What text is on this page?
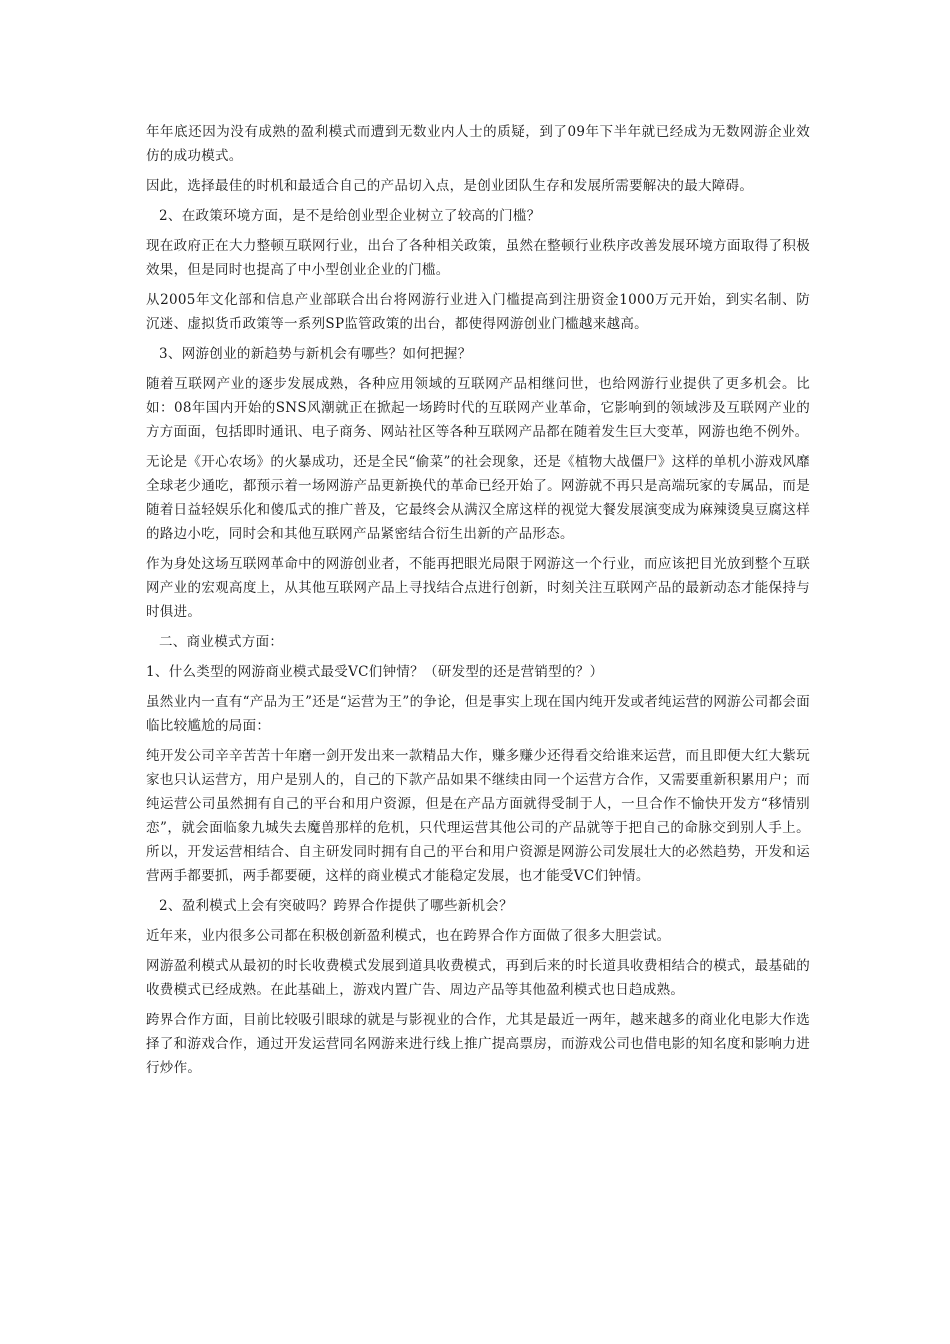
年年底还因为没有成熟的盈利模式而遭到无数业内人士的质疑，到了09年下半年就已经成为无数网游企业效仿的成功模式。

因此，选择最佳的时机和最适合自己的产品切入点，是创业团队生存和发展所需要解决的最大障碍。

2、在政策环境方面，是不是给创业型企业树立了较高的门槛？

现在政府正在大力整顿互联网行业，出台了各种相关政策，虽然在整顿行业秩序改善发展环境方面取得了积极效果，但是同时也提高了中小型创业企业的门槛。

从2005年文化部和信息产业部联合出台将网游行业进入门槛提高到注册资金1000万元开始，到实名制、防沉迷、虚拟货币政策等一系列SP监管政策的出台，都使得网游创业门槛越来越高。

3、网游创业的新趋势与新机会有哪些？如何把握？

随着互联网产业的逐步发展成熟，各种应用领域的互联网产品相继问世，也给网游行业提供了更多机会。比如：08年国内开始的SNS风潮就正在掀起一场跨时代的互联网产业革命，它影响到的领域涉及互联网产业的方方面面，包括即时通讯、电子商务、网站社区等各种互联网产品都在随着发生巨大变革，网游也绝不例外。

无论是《开心农场》的火暴成功，还是全民“偷菜”的社会现象，还是《植物大战僵尸》这样的单机小游戏风靡全球老少通吃，都预示着一场网游产品更新换代的革命已经开始了。网游就不再只是高端玩家的专属品，而是随着日益轻娱乐化和傻瓜式的推广普及，它最终会从满汉全席这样的视觉大餐发展演变成为麻辣烫臭豆腐这样的路边小吃，同时会和其他互联网产品紧密结合衍生出新的产品形态。

作为身处这场互联网革命中的网游创业者，不能再把眼光局限于网游这一个行业，而应该把目光放到整个互联网产业的宏观高度上，从其他互联网产品上寻找结合点进行创新，时刻关注互联网产品的最新动态才能保持与时俱进。

二、商业模式方面：

1、什么类型的网游商业模式最受VC们钟情？（研发型的还是营销型的？）

虽然业内一直有“产品为王”还是“运营为王”的争论，但是事实上现在国内纯开发或者纯运营的网游公司都会面临比较尴尬的局面：

纯开发公司辛辛苦苦十年磨一剑开发出来一款精品大作，赚多赚少还得看交给谁来运营，而且即便大红大紫玩家也只认运营方，用户是别人的，自己的下款产品如果不继续由同一个运营方合作，又需要重新积累用户；而纯运营公司虽然拥有自己的平台和用户资源，但是在产品方面就得受制于人，一旦合作不愉快开发方“移情别恋”，就会面临象九城失去魔兽那样的危机，只代理运营其他公司的产品就等于把自己的命脉交到别人手上。所以，开发运营相结合、自主研发同时拥有自己的平台和用户资源是网游公司发展壮大的必然趋势，开发和运营两手都要抓，两手都要硬，这样的商业模式才能稳定发展，也才能受VC们钟情。

2、盈利模式上会有突破吗？跨界合作提供了哪些新机会？

近年来，业内很多公司都在积极创新盈利模式，也在跨界合作方面做了很多大胆尝试。

网游盈利模式从最初的时长收费模式发展到道具收费模式，再到后来的时长道具收费相结合的模式，最基础的收费模式已经成熟。在此基础上，游戏内置广告、周边产品等其他盈利模式也日趋成熟。

跨界合作方面，目前比较吸引眼球的就是与影视业的合作，尤其是最近一两年，越来越多的商业化电影大作选择了和游戏合作，通过开发运营同名网游来进行线上推广提高票房，而游戏公司也借电影的知名度和影响力进行炒作。
